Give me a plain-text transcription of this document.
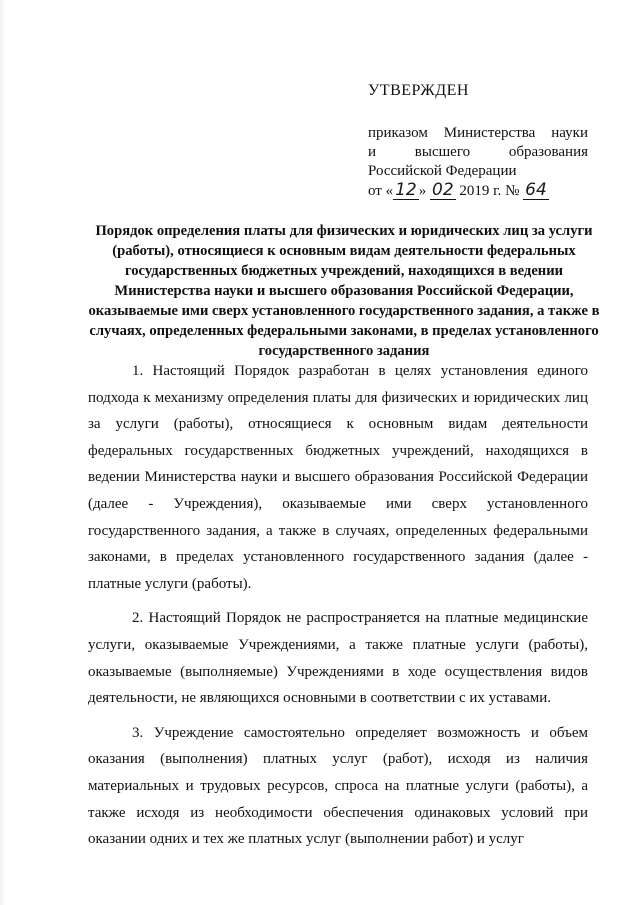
УТВЕРЖДЕН
приказом Министерства науки
и	высшего	образования
Российской Федерации
от « 12 » 02 2019 г. № 64
Порядок определения платы для физических и юридических лиц за услуги (работы), относящиеся к основным видам деятельности федеральных государственных бюджетных учреждений, находящихся в ведении Министерства науки и высшего образования Российской Федерации, оказываемые ими сверх установленного государственного задания, а также в случаях, определенных федеральными законами, в пределах установленного государственного задания

1. Настоящий Порядок разработан в целях установления единого подхода к механизму определения платы для физических и юридических лиц за услуги (работы), относящиеся к основным видам деятельности федеральных государственных бюджетных учреждений, находящихся в ведении Министерства науки и высшего образования Российской Федерации (далее - Учреждения), оказываемые ими сверх установленного государственного задания, а также в случаях, определенных федеральными законами, в пределах установленного государственного задания (далее - платные услуги (работы).

2. Настоящий Порядок не распространяется на платные медицинские услуги, оказываемые Учреждениями, а также платные услуги (работы), оказываемые (выполняемые) Учреждениями в ходе осуществления видов деятельности, не являющихся основными в соответствии с их уставами.

3. Учреждение самостоятельно определяет возможность и объем оказания (выполнения) платных услуг (работ), исходя из наличия материальных и трудовых ресурсов, спроса на платные услуги (работы), а также исходя из необходимости обеспечения одинаковых условий при оказании одних и тех же платных услуг (выполнении работ) и услуг
